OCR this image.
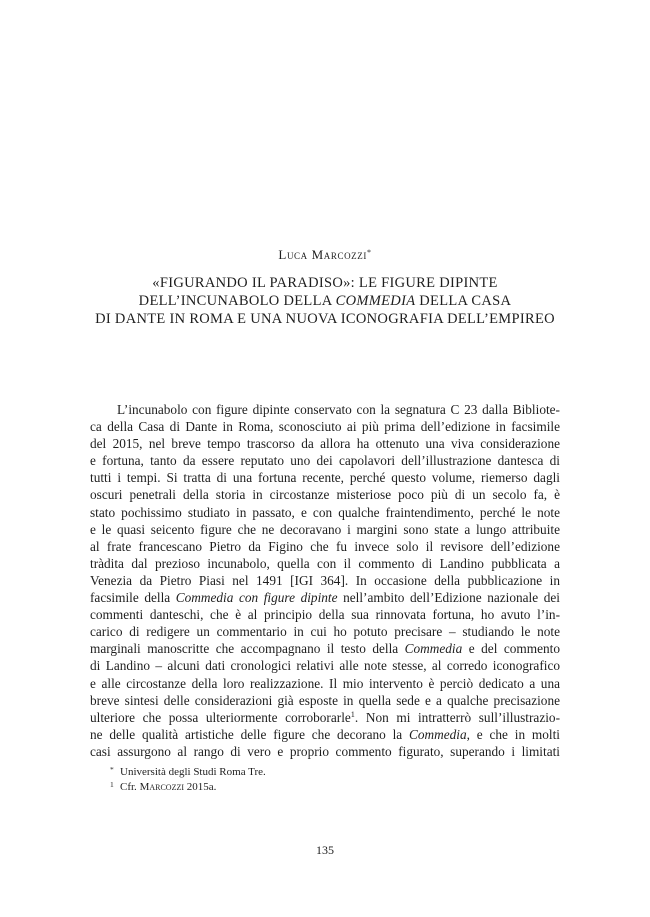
Luca Marcozzi*
«FIGURANDO IL PARADISO»: LE FIGURE DIPINTE
DELL’INCUNABOLO DELLA COMMEDIA DELLA CASA
DI DANTE IN ROMA E UNA NUOVA ICONOGRAFIA DELL’EMPIREO
L’incunabolo con figure dipinte conservato con la segnatura C 23 dalla Bibliote-
ca della Casa di Dante in Roma, sconosciuto ai più prima dell’edizione in facsimile
del 2015, nel breve tempo trascorso da allora ha ottenuto una viva considerazione
e fortuna, tanto da essere reputato uno dei capolavori dell’illustrazione dantesca di
tutti i tempi. Si tratta di una fortuna recente, perché questo volume, riemerso dagli
oscuri penetrali della storia in circostanze misteriose poco più di un secolo fa, è
stato pochissimo studiato in passato, e con qualche fraintendimento, perché le note
e le quasi seicento figure che ne decoravano i margini sono state a lungo attribuite
al frate francescano Pietro da Figino che fu invece solo il revisore dell’edizione
tràdita dal prezioso incunabolo, quella con il commento di Landino pubblicata a
Venezia da Pietro Piasi nel 1491 [IGI 364]. In occasione della pubblicazione in
facsimile della Commedia con figure dipinte nell’ambito dell’Edizione nazionale dei
commenti danteschi, che è al principio della sua rinnovata fortuna, ho avuto l’in-
carico di redigere un commentario in cui ho potuto precisare – studiando le note
marginali manoscritte che accompagnano il testo della Commedia e del commento
di Landino – alcuni dati cronologici relativi alle note stesse, al corredo iconografico
e alle circostanze della loro realizzazione. Il mio intervento è perciò dedicato a una
breve sintesi delle considerazioni già esposte in quella sede e a qualche precisazione
ulteriore che possa ulteriormente corroborarle$^1$. Non mi intratterrò sull’illustrazio-
ne delle qualità artistiche delle figure che decorano la Commedia, e che in molti
casi assurgono al rango di vero e proprio commento figurato, superando i limitati
* Università degli Studi Roma Tre.
1 Cfr. Marcozzi 2015a.
135
